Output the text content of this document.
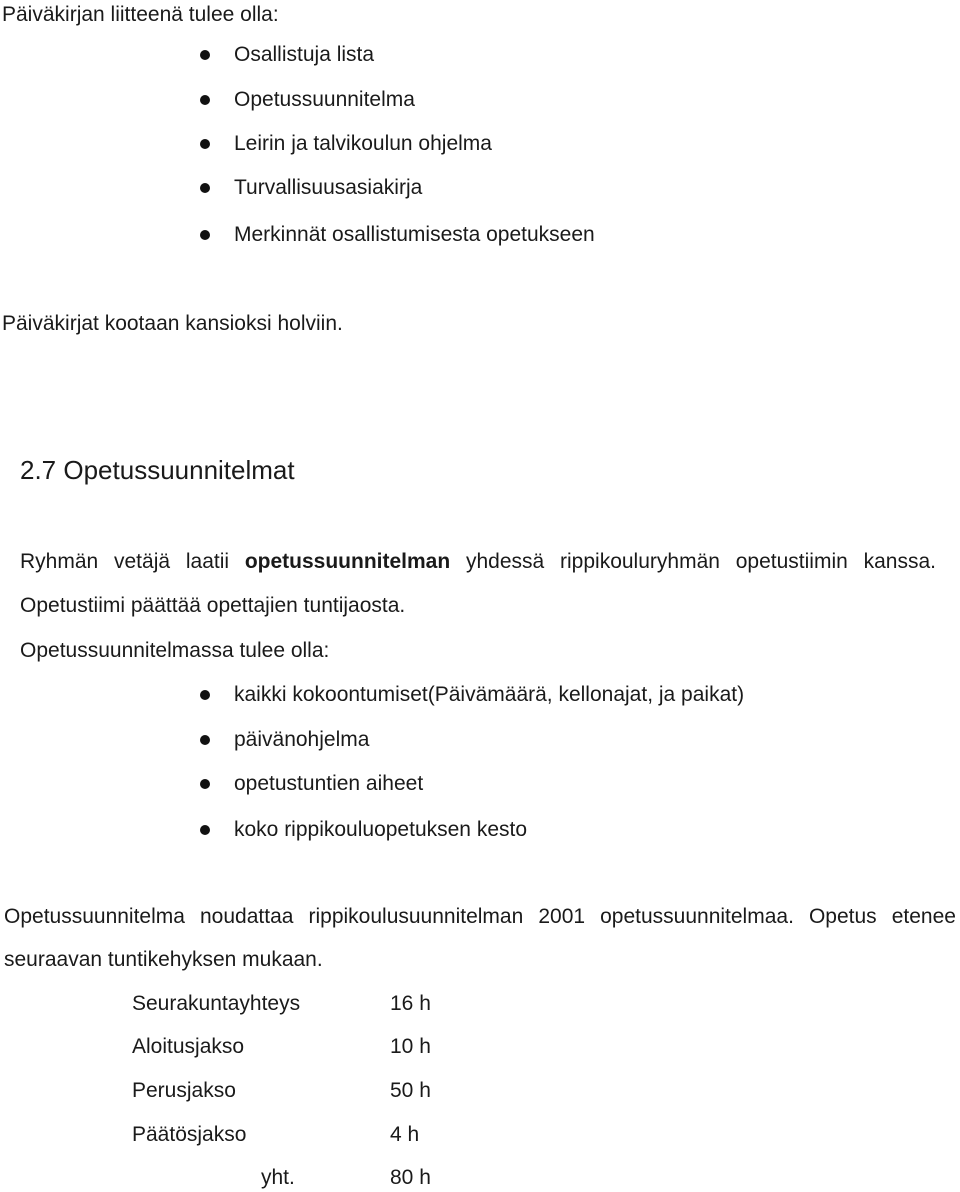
Päiväkirjan liitteenä tulee olla:
Osallistuja lista
Opetussuunnitelma
Leirin ja talvikoulun ohjelma
Turvallisuusasiakirja
Merkinnät osallistumisesta opetukseen
Päiväkirjat kootaan kansioksi holviin.
2.7 Opetussuunnitelmat
Ryhmän vetäjä laatii opetussuunnitelman yhdessä rippikouluryhmän opetustiimin kanssa.
Opetustiimi päättää opettajien tuntijaosta.
Opetussuunnitelmassa tulee olla:
kaikki kokoontumiset(Päivämäärä, kellonajat, ja paikat)
päivänohjelma
opetustuntien aiheet
koko rippikouluopetuksen kesto
Opetussuunnitelma noudattaa rippikoulusuunnitelman 2001 opetussuunnitelmaa. Opetus etenee
seuraavan tuntikehyksen mukaan.
Seurakuntayhteys	16 h
Aloitusjakso	10 h
Perusjakso	50 h
Päätösjakso	4 h
yht.	80 h
